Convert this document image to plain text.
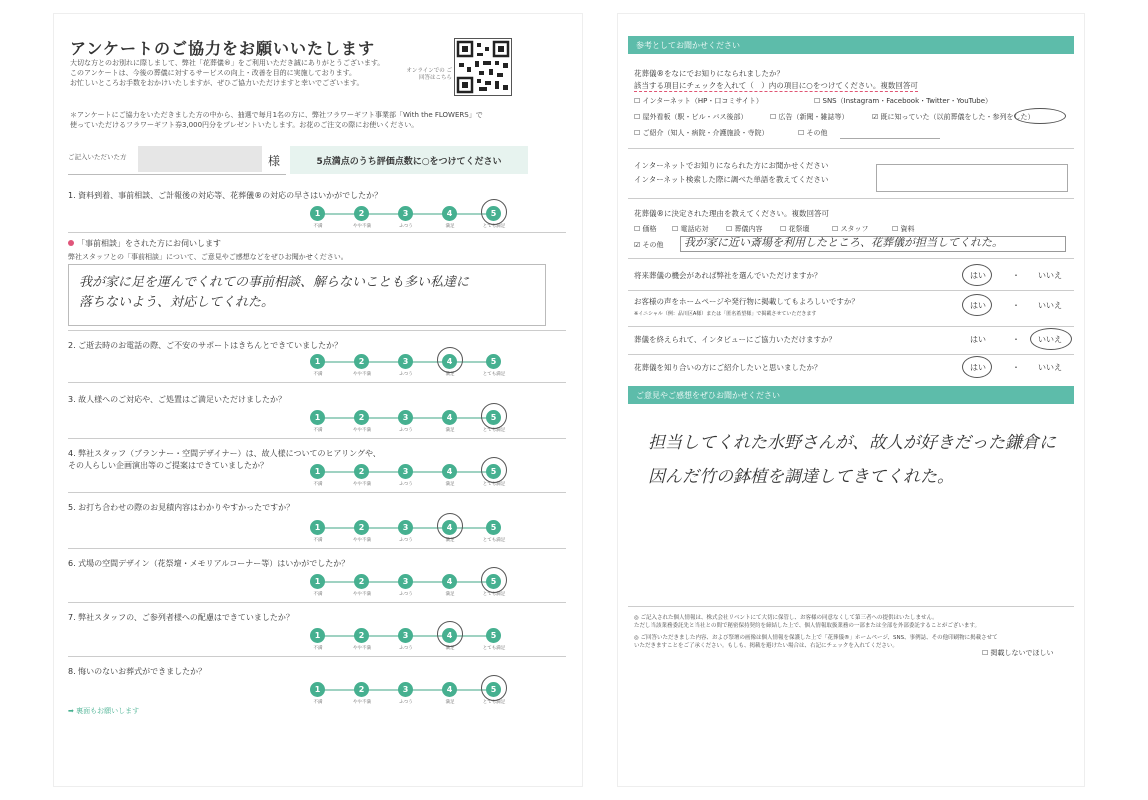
アンケートのご協力をお願いいたします
大切な方とのお別れに際しまして、弊社「花葬儀®」をご利用いただき誠にありがとうございます。
このアンケートは、今後の葬儀に対するサービスの向上・改善を目的に実施しております。
お忙しいところお手数をおかけいたしますが、ぜひご協力いただけますと幸いでございます。
オンラインでの ご回答はこちら
＊アンケートにご協力をいただきました方の中から、抽選で毎月1名の方に、弊社フラワーギフト事業部「With the FLOWERS」で
使っていただけるフラワーギフト券3,000円分をプレゼントいたします。お花のご注文の際にお使いください。
ご記入いただいた方	様	5点満点のうち評価点数に○をつけてください
1. 資料到着、事前相談、ご計報後の対応等、花葬儀®の対応の早さはいかがでしたか？
1	2	3	4	5
不満	やや不満	ふつう	満足	とても満足
「事前相談」をされた方にお伺いします
弊社スタッフとの「事前相談」について、ご意見やご感想などをぜひお聞かせください。
我が家に足を運んでくれての事前相談、解らないことも多い私達に
落ちないよう、対応してくれた。
2. ご逝去時のお電話の際、ご不安のサポートはきちんとできていましたか？
1	2	3	4	5
不満	やや不満	ふつう	満足	とても満足
3. 故人様へのご対応や、ご処置はご満足いただけましたか？
1	2	3	4	5
不満	やや不満	ふつう	満足	とても満足
4. 弊社スタッフ（プランナー・空間デザイナー）は、故人様についてのヒアリングや、
その人らしい企画演出等のご提案はできていましたか？
1	2	3	4	5
不満	やや不満	ふつう	満足	とても満足
5. お打ち合わせの際のお見積内容はわかりやすかったですか？
1	2	3	4	5
不満	やや不満	ふつう	満足	とても満足
6. 式場の空間デザイン（花祭壇・メモリアルコーナー等）はいかがでしたか？
1	2	3	4	5
不満	やや不満	ふつう	満足	とても満足
7. 弊社スタッフの、ご参列者様への配慮はできていましたか？
1	2	3	4	5
不満	やや不満	ふつう	満足	とても満足
8. 悔いのないお葬式ができましたか？
1	2	3	4	5
不満	やや不満	ふつう	満足	とても満足
➡ 裏面もお願いします
参考としてお聞かせください
花葬儀®をなにでお知りになられましたか？
該当する項目にチェックを入れて（　）内の項目に○をつけてください。複数回答可
☐ インターネット（HP・口コミサイト）	☐ SNS（Instagram・Facebook・Twitter・YouTube）
☐ 屋外看板（駅・ビル・バス後部）	☐ 広告（新聞・雑誌等）	☑ 既に知っていた（以前葬儀をした・参列をした）
☐ ご紹介（知人・病院・介護施設・寺院）	☐ その他
インターネットでお知りになられた方にお聞かせください
インターネット検索した際に調べた単語を教えてください
花葬儀®に決定された理由を教えてください。複数回答可
☐ 価格 ☐ 電話応対 ☐ 葬儀内容 ☐ 花祭壇	☐ スタッフ	☐ 資料
☑ その他 我が家に近い斎場を利用したところ、花葬儀が担当してくれた。
将来葬儀の機会があれば弊社を選んでいただけますか？	はい	・ いいえ
お客様の声をホームページや発行物に掲載してもよろしいですか？
※イニシャル（例：品川区A様）または「匿名希望様」で掲載させていただきます
はい	・ いいえ
葬儀を終えられて、インタビューにご協力いただけますか？	はい	・ いいえ
花葬儀を知り合いの方にご紹介したいと思いましたか？	はい	・ いいえ
ご意見やご感想をぜひお聞かせください
担当してくれた水野さんが、故人が好きだった鎌倉に
因んだ竹の鉢植を調達してきてくれた。
◎ ご記入された個人情報は、株式会社リベントにて大切に保管し、お客様の同意なくして第三者への提供はいたしません。
ただし当該業務委託先と当社との間で秘密保持契約を締結した上で、個人情報取扱業務の一部または全部を外部委託することがございます。
◎ ご回答いただきました内容、および祭壇の画像は個人情報を保護した上で「花葬儀®」ホームページ、SNS、事例誌、その他印刷物に掲載させて
いただきますことをご了承ください。もしも、掲載を避けたい場合は、右記にチェックを入れてください。
☐ 掲載しないでほしい
